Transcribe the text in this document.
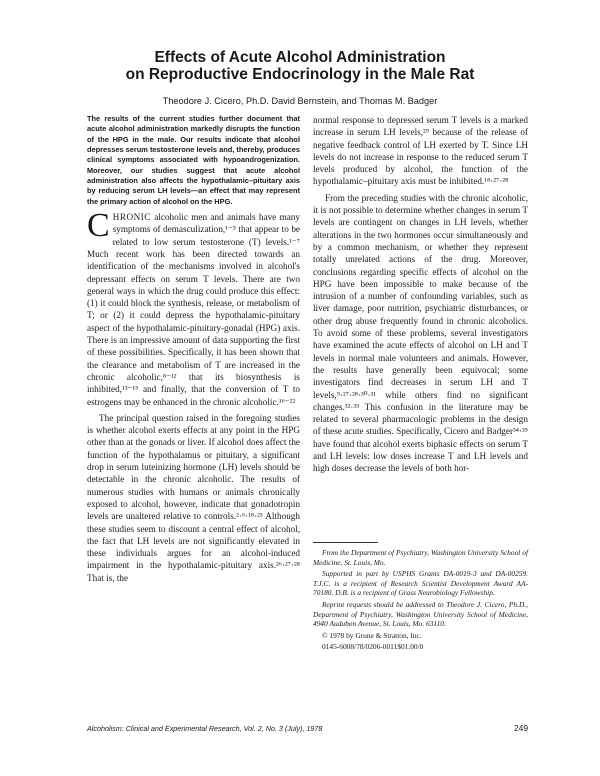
Effects of Acute Alcohol Administration
on Reproductive Endocrinology in the Male Rat

Theodore J. Cicero, Ph.D. David Bernstein, and Thomas M. Badger

The results of the current studies further document that acute alcohol administration markedly disrupts the function of the HPG in the male. Our results indicate that alcohol depresses serum testosterone levels and, thereby, produces clinical symptoms associated with hypoandrogenization. Moreover, our studies suggest that acute alcohol administration also affects the hypothalamic–pituitary axis by reducing serum LH levels—an effect that may represent the primary action of alcohol on the HPG.

CHRONIC alcoholic men and animals have many symptoms of demasculization,¹⁻⁵ that appear to be related to low serum testosterone (T) levels.¹⁻⁷ Much recent work has been directed towards an identification of the mechanisms involved in alcohol's depressant effects on serum T levels. There are two general ways in which the drug could produce this effect: (1) it could block the synthesis, release, or metabolism of T; or (2) it could depress the hypothalamic-pituitary aspect of the hypothalamic-pituitary-gonadal (HPG) axis. There is an impressive amount of data supporting the first of these possibilities. Specifically, it has been shown that the clearance and metabolism of T are increased in the chronic alcoholic,⁸⁻¹² that its biosynthesis is inhibited,¹³⁻¹⁵ and finally, that the conversion of T to estrogens may be enhanced in the chronic alcoholic.¹⁶⁻²²

The principal question raised in the foregoing studies is whether alcohol exerts effects at any point in the HPG other than at the gonads or liver. If alcohol does affect the function of the hypothalamus or pituitary, a significant drop in serum luteinizing hormone (LH) levels should be detectable in the chronic alcoholic. The results of numerous studies with humans or animals chronically exposed to alcohol, however, indicate that gonadotropin levels are unaltered relative to controls.²·⁶·¹⁸·²³ Although these studies seem to discount a central effect of alcohol, the fact that LH levels are not significantly elevated in these individuals argues for an alcohol-induced impairment in the hypothalamic-pituitary axis.²⁶·²⁷·²⁸ That is, the

normal response to depressed serum T levels is a marked increase in serum LH levels,²⁹ because of the release of negative feedback control of LH exerted by T. Since LH levels do not increase in response to the reduced serum T levels produced by alcohol, the function of the hypothalamic–pituitary axis must be inhibited.¹⁸·²⁷·²⁸

From the preceding studies with the chronic alcoholic, it is not possible to determine whether changes in serum T levels are contingent on changes in LH levels, whether alterations in the two hormones occur simultaneously and by a common mechanism, or whether they represent totally unrelated actions of the drug. Moreover, conclusions regarding specific effects of alcohol on the HPG have been impossible to make because of the intrusion of a number of confounding variables, such as liver damage, poor nutrition, psychiatric disturbances, or other drug abuse frequently found in chronic alcoholics. To avoid some of these problems, several investigators have examined the acute effects of alcohol on LH and T levels in normal male volunteers and animals. However, the results have generally been equivocal; some investigators find decreases in serum LH and T levels,⁹·²⁷·²⁸·³⁰·³¹ while others find no significant changes.³²·³³ This confusion in the literature may be related to several pharmacologic problems in the design of these acute studies. Specifically, Cicero and Badger³⁴·³⁵ have found that alcohol exerts biphasic effects on serum T and LH levels: low doses increase T and LH levels and high doses decrease the levels of both hor-

From the Department of Psychiatry, Washington University School of Medicine, St. Louis, Mo.

Supported in part by USPHS Grants DA-0019-3 and DA-00259. T.J.C. is a recipient of Research Scientist Development Award AA-70180. D.B. is a recipient of Grass Neurobiology Fellowship.

Reprint requests should be addressed to Theodore J. Cicero, Ph.D., Department of Psychiatry, Washington University School of Medicine, 4940 Audubon Avenue, St. Louis, Mo. 63110.

© 1978 by Grune & Stratton, Inc.

0145-6008/78/0206-0011$01.00/0

Alcoholism: Clinical and Experimental Research, Vol. 2, No. 3 (July), 1978	249
